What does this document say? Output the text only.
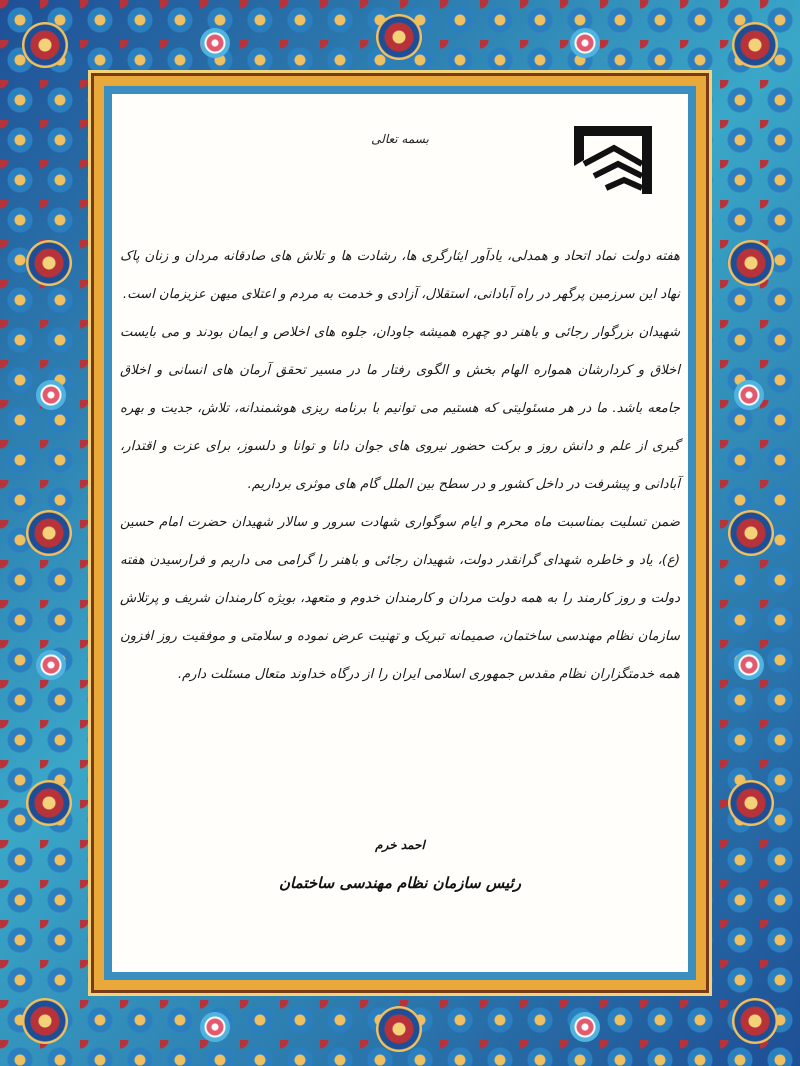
بسمه تعالی

هفته دولت نماد اتحاد و همدلی، یادآور ایثارگری ها، رشادت ها و تلاش های صادقانه مردان و زنان پاک نهاد این سرزمین پرگهر در راه آبادانی، استقلال، آزادی و خدمت به مردم و اعتلای میهن عزیزمان است.

شهیدان بزرگوار رجائی و باهنر دو چهره همیشه جاودان، جلوه های اخلاص و ایمان بودند و می بایست اخلاق و کردارشان همواره الهام بخش و الگوی رفتار ما در مسیر تحقق آرمان های انسانی و اخلاق جامعه باشد. ما در هر مسئولیتی که هستیم می توانیم با برنامه ریزی هوشمندانه، تلاش، جدیت و بهره گیری از علم و دانش روز و برکت حضور نیروی های جوان دانا و توانا و دلسوز، برای عزت و اقتدار، آبادانی و پیشرفت در داخل کشور و در سطح بین الملل گام های موثری برداریم.

ضمن تسلیت بمناسبت ماه محرم و ایام سوگواری شهادت سرور و سالار شهیدان حضرت امام حسین (ع)، یاد و خاطره شهدای گرانقدر دولت، شهیدان رجائی و باهنر را گرامی می داریم و فرارسیدن هفته دولت و روز کارمند را به همه دولت مردان و کارمندان خدوم و متعهد، بویژه کارمندان شریف و پرتلاش سازمان نظام مهندسی ساختمان، صمیمانه تبریک و تهنیت عرض نموده و سلامتی و موفقیت روز افزون همه خدمتگزاران نظام مقدس جمهوری اسلامی ایران را از درگاه خداوند متعال مسئلت دارم.

احمد خرم
رئیس سازمان نظام مهندسی ساختمان
